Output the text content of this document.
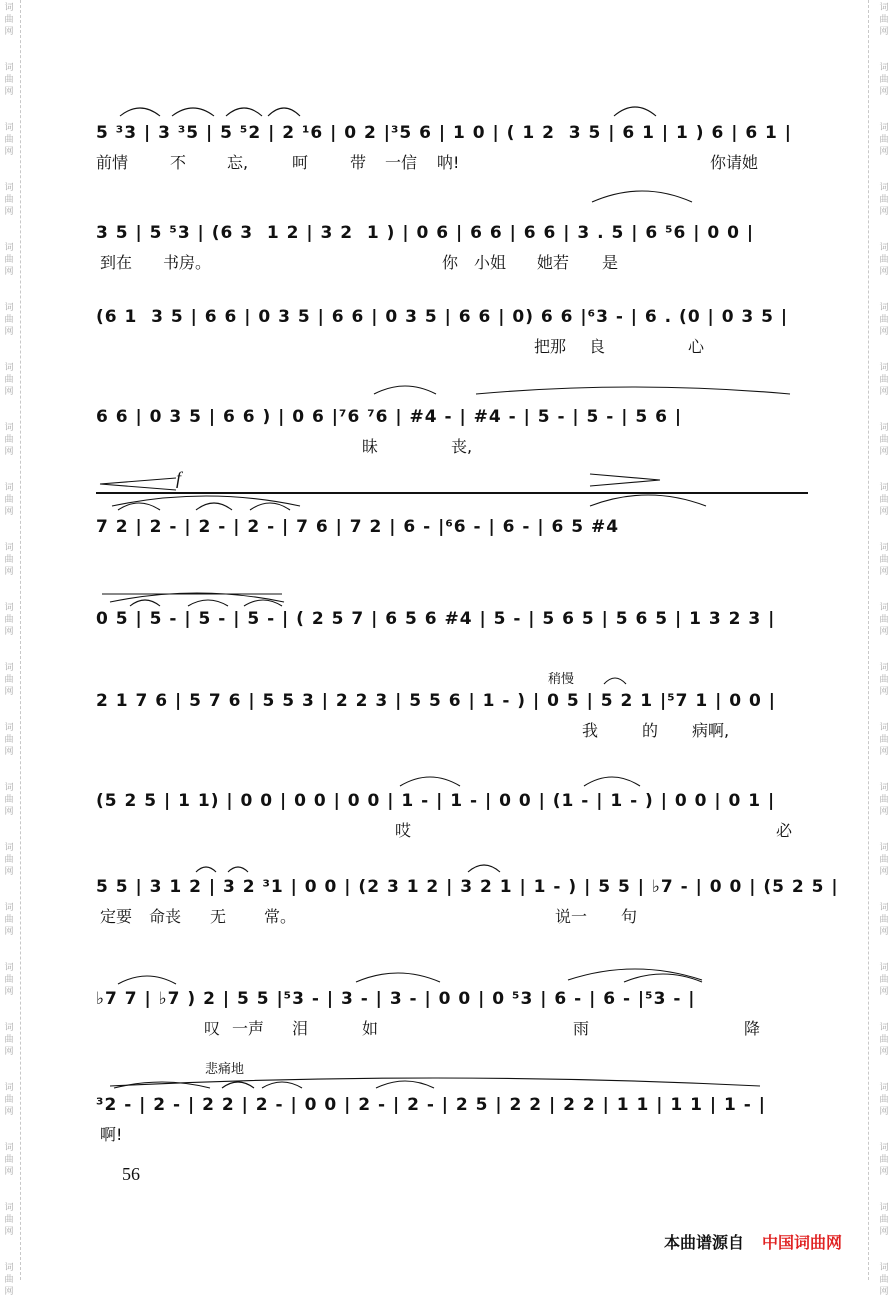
词曲网
词曲网
词曲网
词曲网
词曲网
词曲网
词曲网
词曲网
词曲网
词曲网
词曲网
词曲网
词曲网
词曲网
词曲网
词曲网
词曲网
词曲网
词曲网
词曲网
词曲网
词曲网
词曲网
词曲网
词曲网
词曲网
词曲网
词曲网
词曲网
词曲网
词曲网
词曲网
词曲网
词曲网
词曲网
词曲网
词曲网
词曲网
词曲网
词曲网
词曲网
词曲网
词曲网
词曲网
f
稍慢
悲痛地
5 ³3 | 3 ³5 | 5 ⁵2 | 2 ¹6 | 0 2 |³5 6 | 1 0 | ( 1 2  3 5 | 6 1 | 1 ) 6 | 6 1 |
前情	不	忘,	呵	带 一信 呐!	你请她
3 5 | 5 ⁵3 | (6 3  1 2 | 3 2  1 ) | 0 6 | 6 6 | 6 6 | 3 . 5 | 6 ⁵6 | 0 0 |
到在 书房。	你 小姐 她若 是
(6 1  3 5 | 6 6 | 0 3 5 | 6 6 | 0 3 5 | 6 6 | 0) 6 6 |⁶3 - | 6 . (0 | 0 3 5 |
把那 良	心
6 6 | 0 3 5 | 6 6 ) | 0 6 |⁷6 ⁷6 | #4 - | #4 - | 5 - | 5 - | 5 6 |
昧	丧,
7 2 | 2 - | 2 - | 2 - | 7 6 | 7 2 | 6 - |⁶6 - | 6 - | 6 5 #4
0 5 | 5 - | 5 - | 5 - | ( 2 5 7 | 6 5 6 #4 | 5 - | 5 6 5 | 5 6 5 | 1 3 2 3 |
2 1 7 6 | 5 7 6 | 5 5 3 | 2 2 3 | 5 5 6 | 1 - ) | 0 5 | 5 2 1 |⁵7 1 | 0 0 |
我	的 病啊,
(5 2 5 | 1 1) | 0 0 | 0 0 | 0 0 | 1 - | 1 - | 0 0 | (1 - | 1 - ) | 0 0 | 0 1 |
哎	必
5 5 | 3 1 2 | 3 2 ³1 | 0 0 | (2 3 1 2 | 3 2 1 | 1 - ) | 5 5 | ♭7 - | 0 0 | (5 2 5 |
定要 命丧 无 常。	说一 句
♭7 7 | ♭7 ) 2 | 5 5 |⁵3 - | 3 - | 3 - | 0 0 | 0 ⁵3 | 6 - | 6 - |⁵3 - |
叹 一声 泪	如	雨	降
³2 - | 2 - | 2 2 | 2 - | 0 0 | 2 - | 2 - | 2 5 | 2 2 | 2 2 | 1 1 | 1 1 | 1 - |
啊!
56
本曲谱源自 中国词曲网
